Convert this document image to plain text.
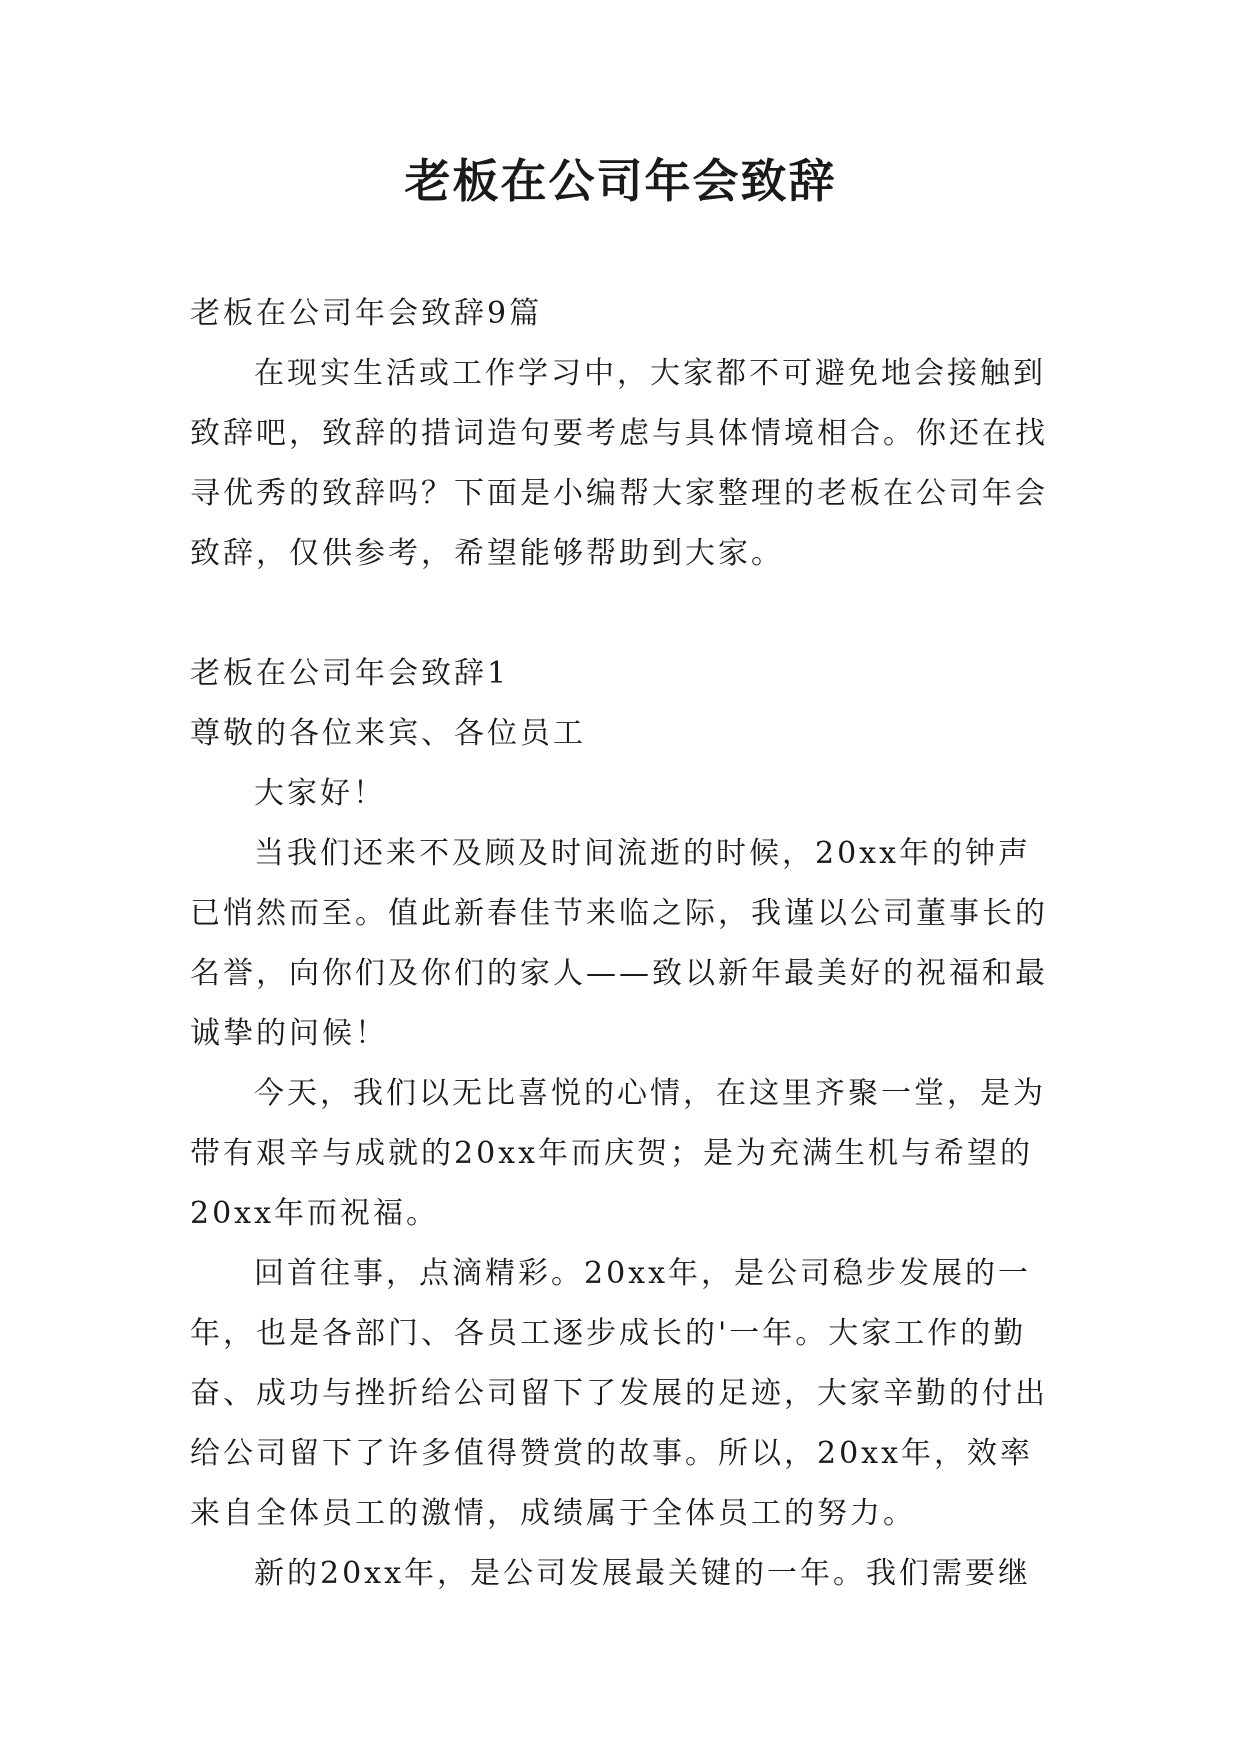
老板在公司年会致辞

老板在公司年会致辞9篇

在现实生活或工作学习中，大家都不可避免地会接触到致辞吧，致辞的措词造句要考虑与具体情境相合。你还在找寻优秀的致辞吗？下面是小编帮大家整理的老板在公司年会致辞，仅供参考，希望能够帮助到大家。

老板在公司年会致辞1

尊敬的各位来宾、各位员工

大家好！

当我们还来不及顾及时间流逝的时候，20xx年的钟声已悄然而至。值此新春佳节来临之际，我谨以公司董事长的名誉，向你们及你们的家人——致以新年最美好的祝福和最诚挚的问候！

今天，我们以无比喜悦的心情，在这里齐聚一堂，是为带有艰辛与成就的20xx年而庆贺；是为充满生机与希望的20xx年而祝福。

回首往事，点滴精彩。20xx年，是公司稳步发展的一年，也是各部门、各员工逐步成长的'一年。大家工作的勤奋、成功与挫折给公司留下了发展的足迹，大家辛勤的付出给公司留下了许多值得赞赏的故事。所以，20xx年，效率来自全体员工的激情，成绩属于全体员工的努力。

新的20xx年，是公司发展最关键的一年。我们需要继
